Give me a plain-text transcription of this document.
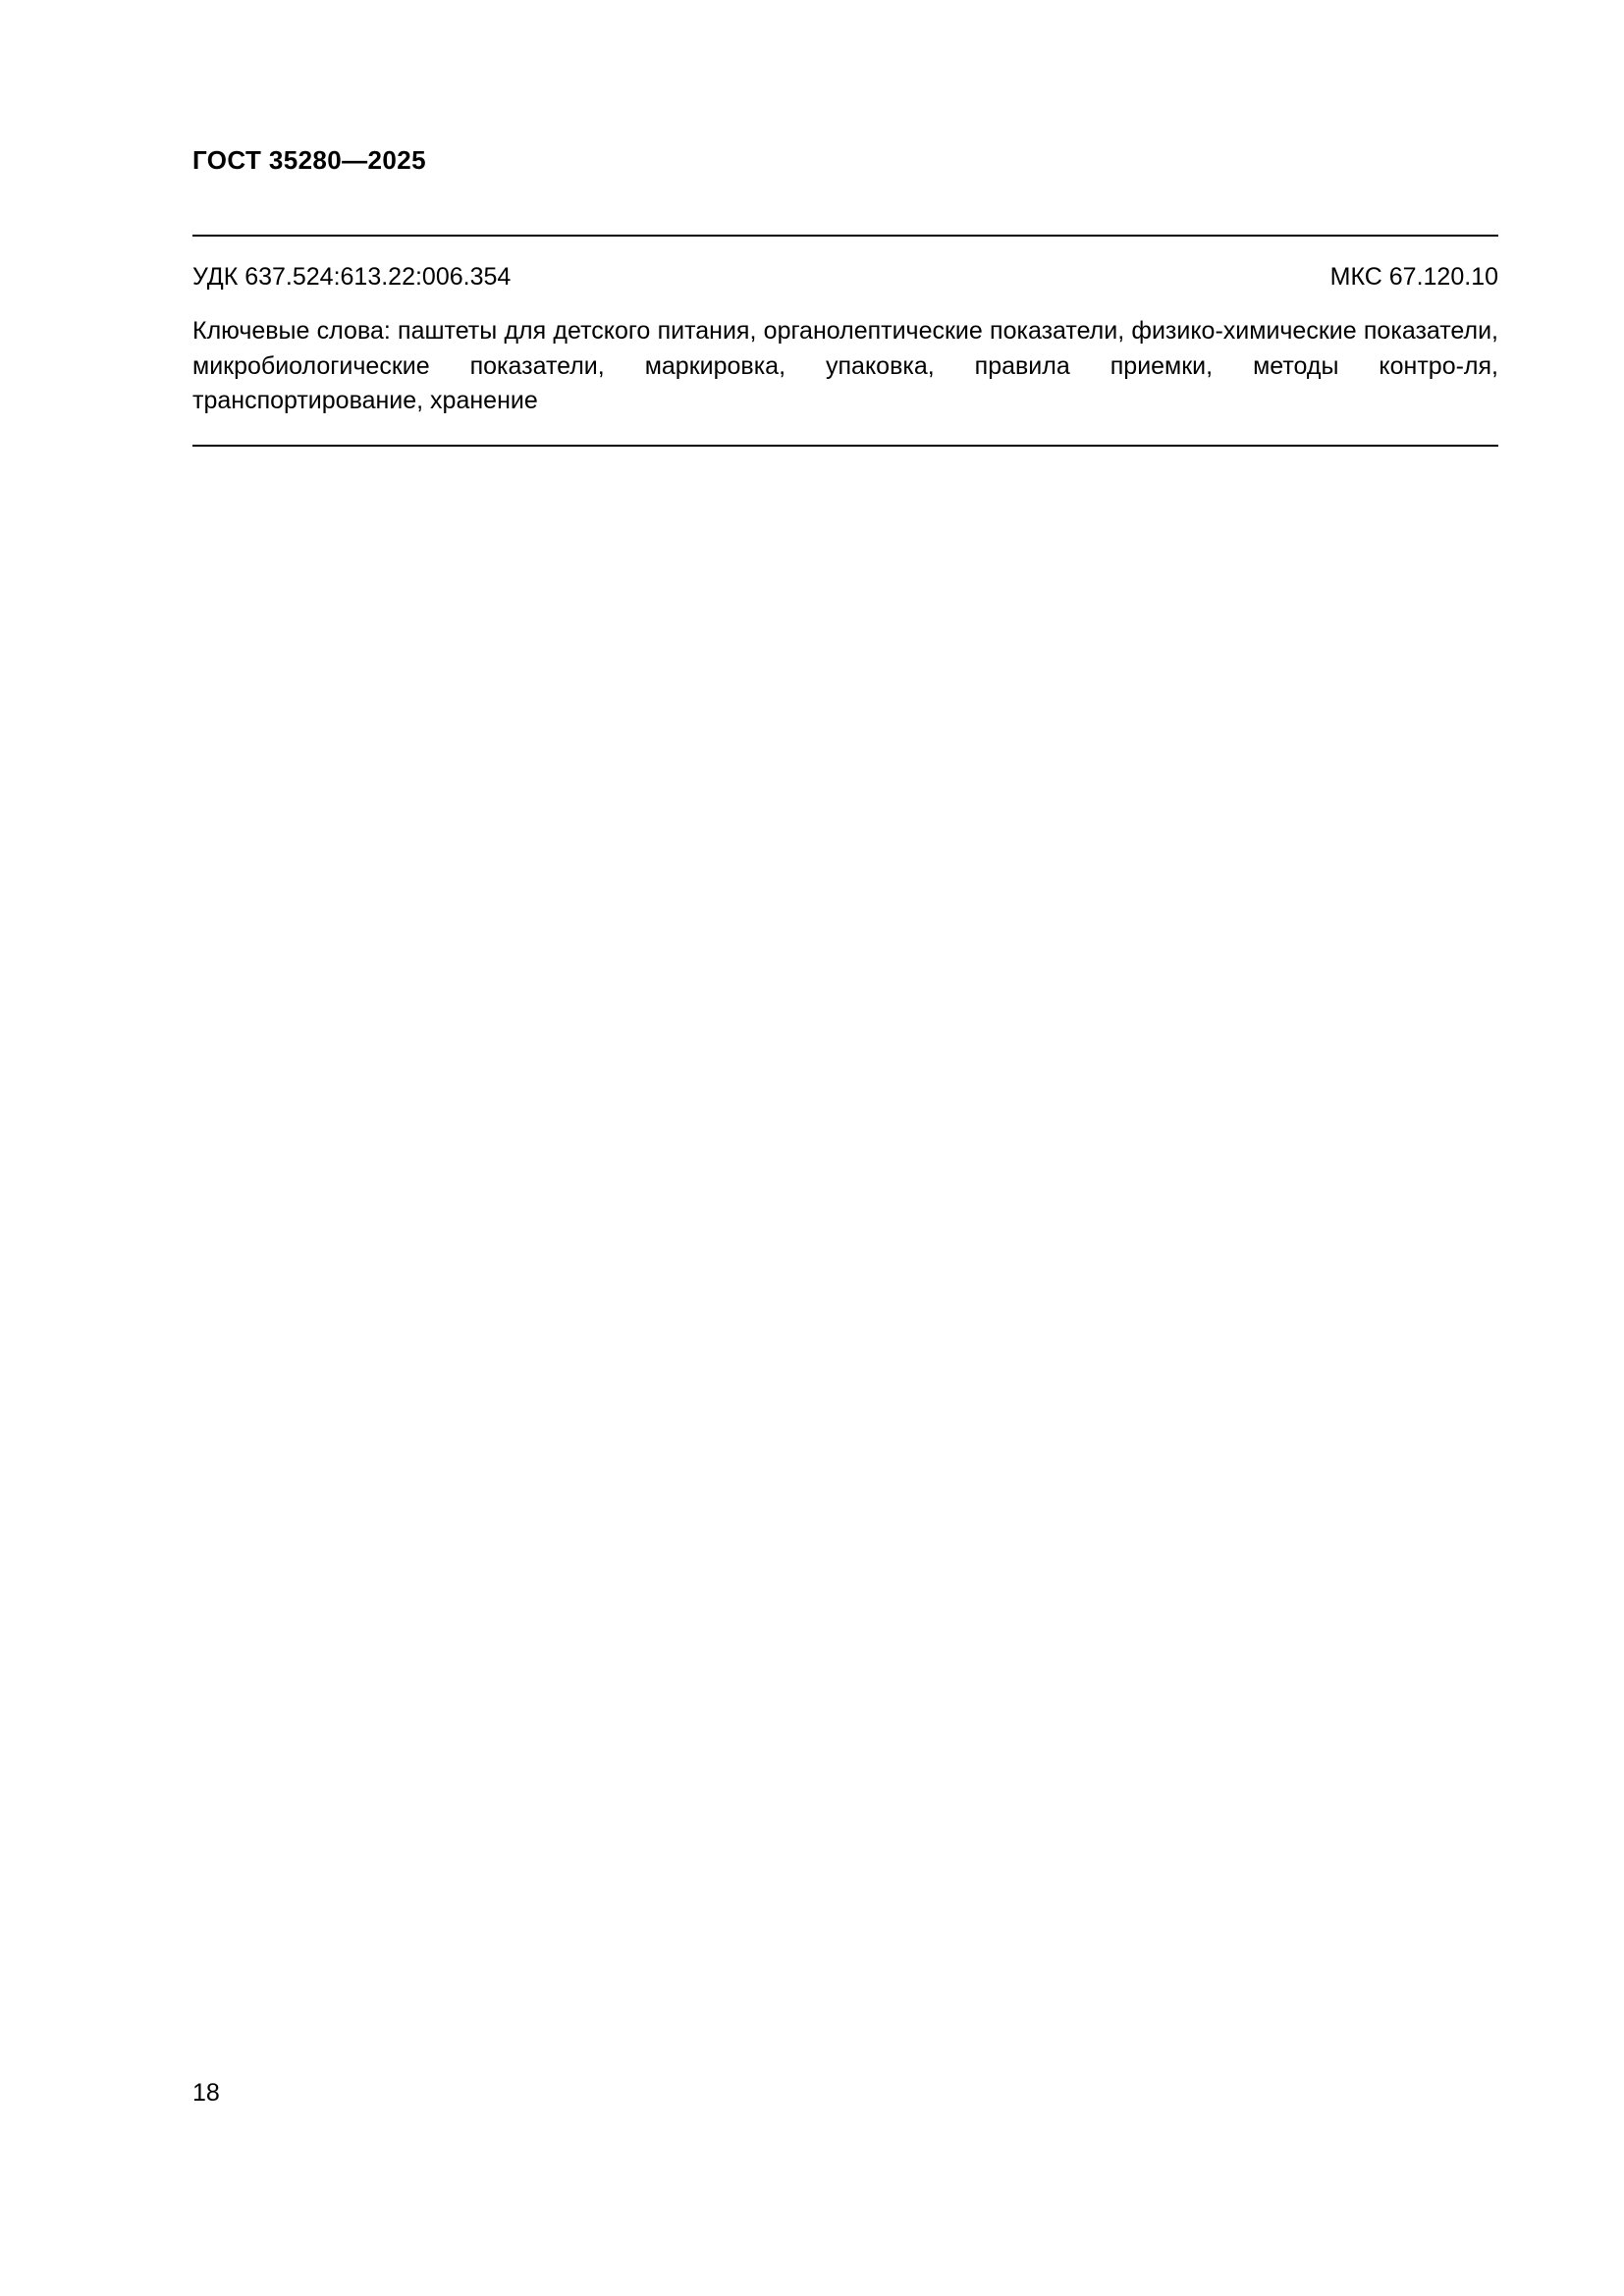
ГОСТ 35280—2025
УДК 637.524:613.22:006.354	МКС 67.120.10
Ключевые слова: паштеты для детского питания, органолептические показатели, физико-химические показатели, микробиологические показатели, маркировка, упаковка, правила приемки, методы контро-ля, транспортирование, хранение
18
